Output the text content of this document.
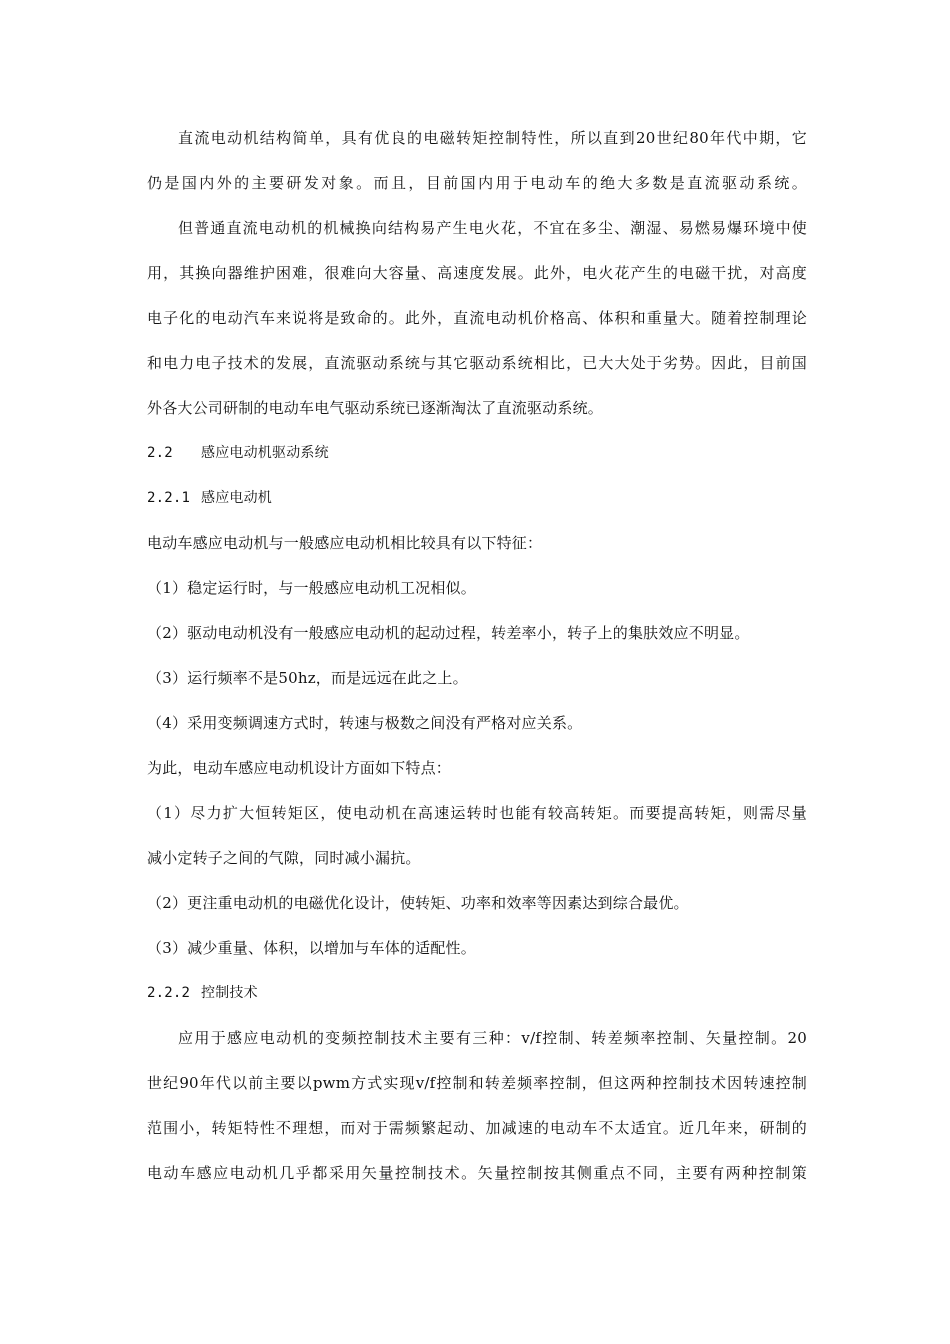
直流电动机结构简单，具有优良的电磁转矩控制特性，所以直到20世纪80年代中期，它
仍是国内外的主要研发对象。而且，目前国内用于电动车的绝大多数是直流驱动系统。
但普通直流电动机的机械换向结构易产生电火花，不宜在多尘、潮湿、易燃易爆环境中使
用，其换向器维护困难，很难向大容量、高速度发展。此外，电火花产生的电磁干扰，对高度
电子化的电动汽车来说将是致命的。此外，直流电动机价格高、体积和重量大。随着控制理论
和电力电子技术的发展，直流驱动系统与其它驱动系统相比，已大大处于劣势。因此，目前国
外各大公司研制的电动车电气驱动系统已逐渐淘汰了直流驱动系统。
2.2 感应电动机驱动系统
2.2.1 感应电动机
电动车感应电动机与一般感应电动机相比较具有以下特征：
（1）稳定运行时，与一般感应电动机工况相似。
（2）驱动电动机没有一般感应电动机的起动过程，转差率小，转子上的集肤效应不明显。
（3）运行频率不是50hz，而是远远在此之上。
（4）采用变频调速方式时，转速与极数之间没有严格对应关系。
为此，电动车感应电动机设计方面如下特点：
（1）尽力扩大恒转矩区，使电动机在高速运转时也能有较高转矩。而要提高转矩，则需尽量
减小定转子之间的气隙，同时减小漏抗。
（2）更注重电动机的电磁优化设计，使转矩、功率和效率等因素达到综合最优。
（3）减少重量、体积，以增加与车体的适配性。
2.2.2 控制技术
应用于感应电动机的变频控制技术主要有三种：v/f控制、转差频率控制、矢量控制。20
世纪90年代以前主要以pwm方式实现v/f控制和转差频率控制，但这两种控制技术因转速控制
范围小，转矩特性不理想，而对于需频繁起动、加减速的电动车不太适宜。近几年来，研制的
电动车感应电动机几乎都采用矢量控制技术。矢量控制按其侧重点不同，主要有两种控制策
